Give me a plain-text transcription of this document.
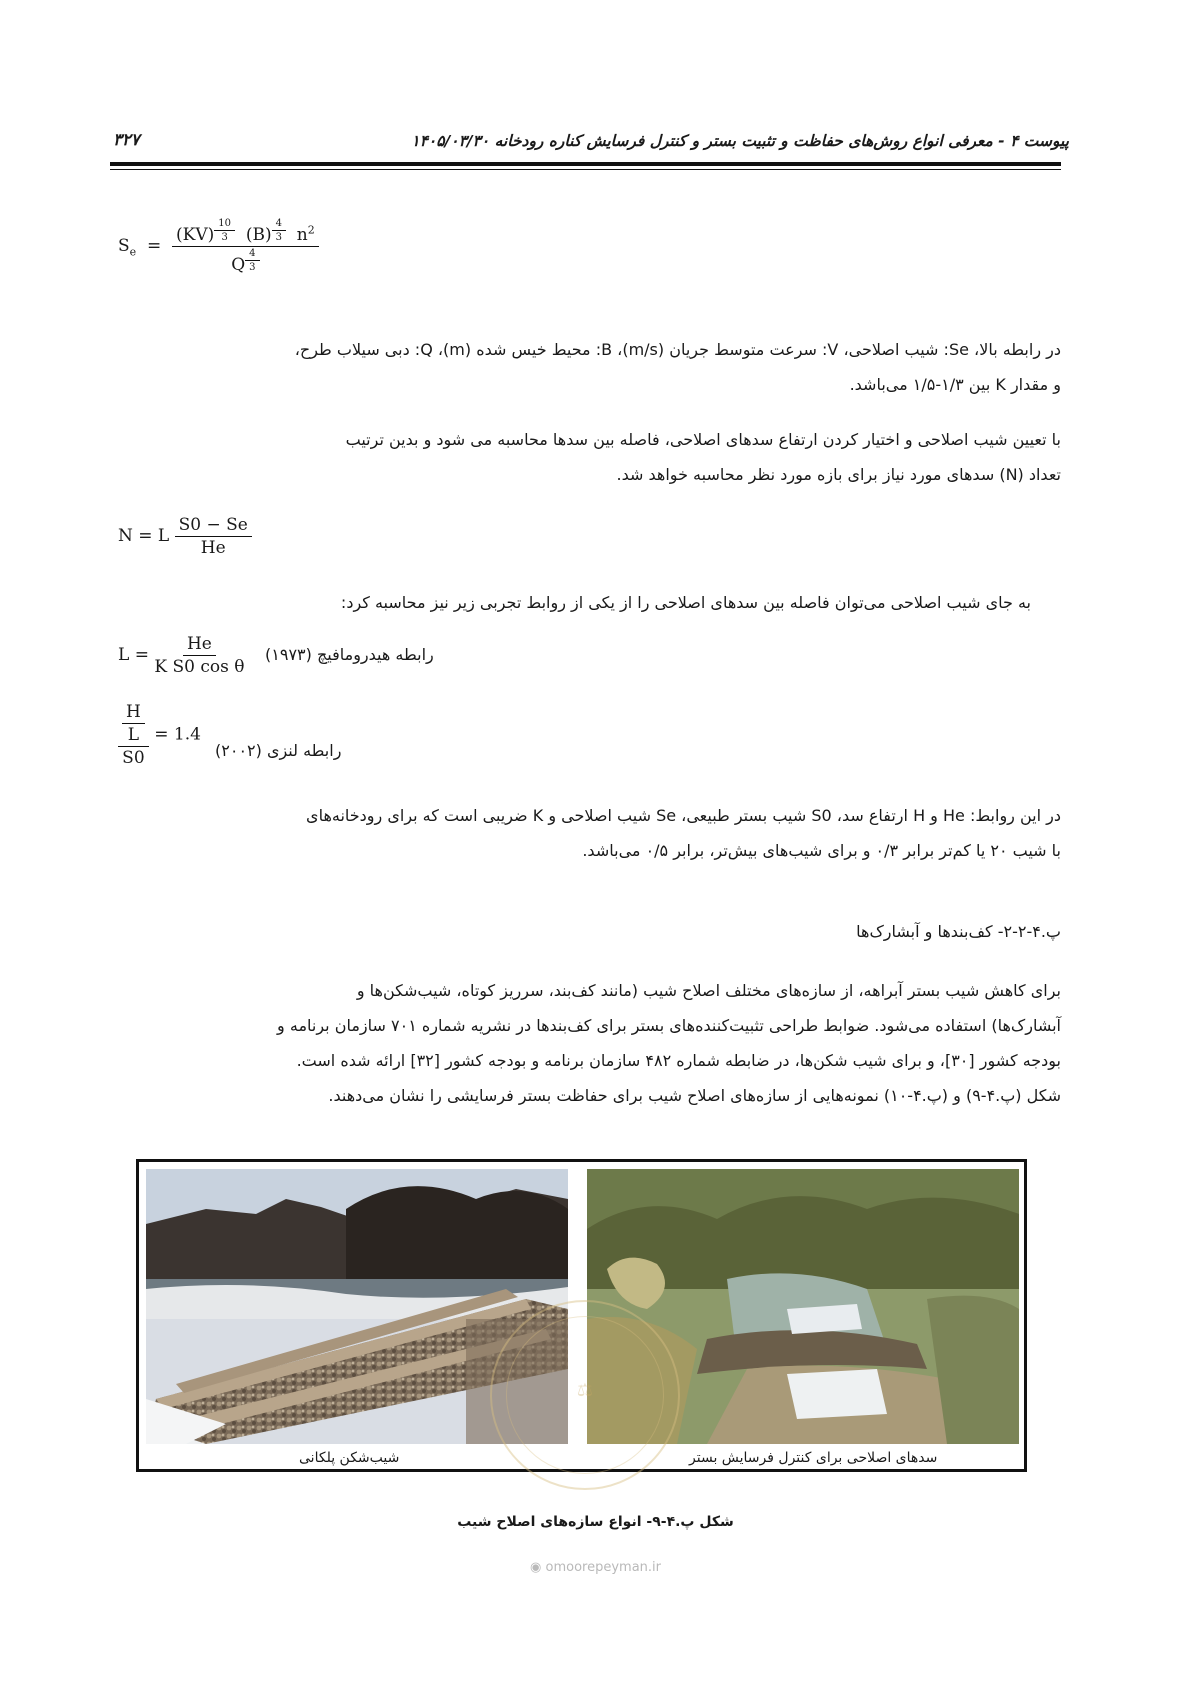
پیوست ۴ - معرفی انواع روش‌های حفاظت و تثبیت بستر و کنترل فرسایش کناره رودخانه ۱۴۰۵/۰۳/۳۰
۳۲۷
$S_e = (KV)$ $^{\frac{10}{3}}$ (B) $^{\frac{4}{3}}$ $n^2$
Q $^{\frac{4}{3}}$
در رابطه بالا، Se: شیب اصلاحی، V: سرعت متوسط جریان (m/s)، B: محیط خیس شده (m)، Q: دبی سیلاب طرح،
و مقدار K بین ۱/۳-۱/۵ می‌باشد.
با تعیین شیب اصلاحی و اختیار کردن ارتفاع سدهای اصلاحی، فاصله بین سدها محاسبه می شود و بدین ترتیب
تعداد (N) سدهای مورد نیاز برای بازه مورد نظر محاسبه خواهد شد.
N = L $\frac{S0 - Se}{He}$
به جای شیب اصلاحی می‌توان فاصله بین سدهای اصلاحی را از یکی از روابط تجربی زیر نیز محاسبه کرد:
$L = \frac{He}{\text{K S0 cos θ}}$ رابطه هیدرومافیچ (۱۹۷۳)
$\frac{\frac{H}{L}}{S0} = 1.4$
رابطه لنزی (۲۰۰۲)
در این روابط: He و H ارتفاع سد، S0 شیب بستر طبیعی، Se شیب اصلاحی و K ضریبی است که برای رودخانه‌های
با شیب ۲۰ یا کم‌تر برابر ۰/۳ و برای شیب‌های بیش‌تر، برابر ۰/۵ می‌باشد.
پ.۴-۲-۲- کف‌بندها و آبشارک‌ها
برای کاهش شیب بستر آبراهه، از سازه‌های مختلف اصلاح شیب (مانند کف‌بند، سرریز کوتاه، شیب‌شکن‌ها و
آبشارک‌ها) استفاده می‌شود. ضوابط طراحی تثبیت‌کننده‌های بستر برای کف‌بندها در نشریه شماره ۷۰۱ سازمان برنامه و
بودجه کشور [۳۰]، و برای شیب شکن‌ها، در ضابطه شماره ۴۸۲ سازمان برنامه و بودجه کشور [۳۲] ارائه شده است.
شکل (پ.۴-۹) و (پ.۴-۱۰) نمونه‌هایی از سازه‌های اصلاح شیب برای حفاظت بستر فرسایشی را نشان می‌دهند.
شیب‌شکن پلکانی	سدهای اصلاحی برای کنترل فرسایش بستر
⚖
شکل پ.۴-۹- انواع سازه‌های اصلاح شیب
◉ omoorepeyman.ir
